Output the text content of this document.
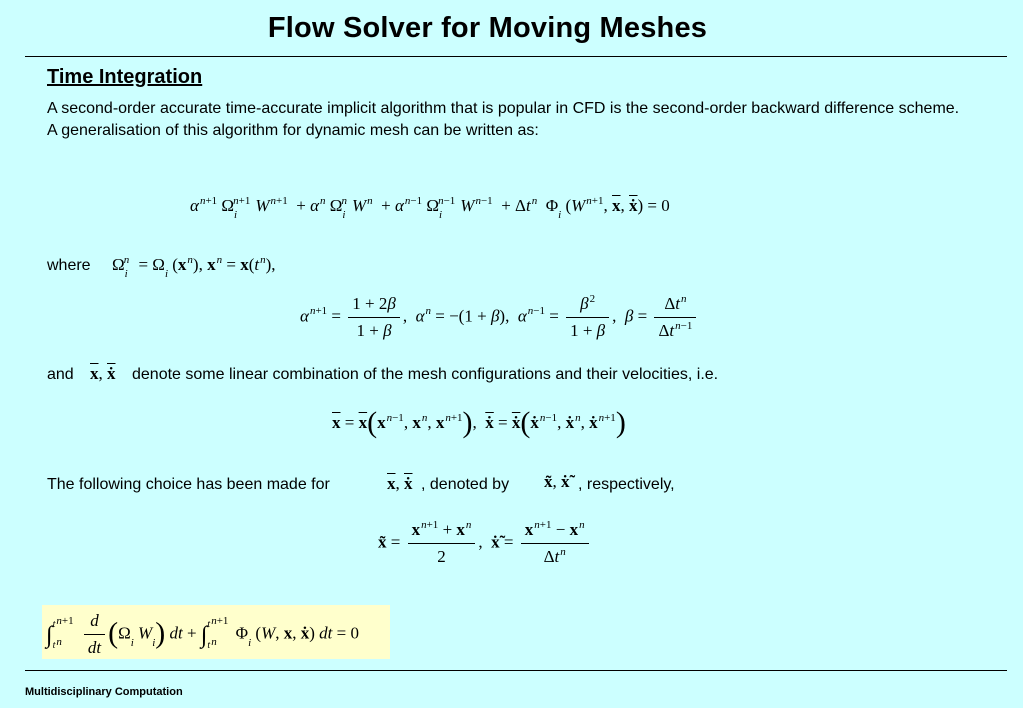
Flow Solver for Moving Meshes
Time Integration
A second-order accurate time-accurate implicit algorithm that is popular in CFD is the second-order backward difference scheme.
A generalisation of this algorithm for dynamic mesh can be written as:
$\alpha^{n+1}$ $\Omega_i^{n+1}$ $W^{n+1} + \alpha^n$ $\Omega_i^n$ $W^n + \alpha^{n-1}$ $\Omega_i^{n-1}$ $W^{n-1} + \Delta t^n$  $\Phi_i$ ($W^{n+1}$, $\overline{x}$, $\overline{ẋ}) = 0$
where $\Omega_i^n = \Omega_i$ $(x^n)$, $x^n = x(t^n)$,
$\alpha^{n+1} = \frac{1 + 2\beta}{1 + \beta}$ ,  $\alpha^n = -(1 + \beta)$,  $\alpha^{n-1} = \frac{\beta^2}{1 + \beta}$ ,  $\beta = \frac{\Delta t^n}{\Delta t^{n-1}}$
and $\overline{x}$, $\overline{ẋ}$ denote some linear combination of the mesh configurations and their velocities, i.e.
$\overline{x} = \overline{x}(x^{n-1}$, $x^n$, $x^{n+1}$),  $\overline{ẋ}$ = $\overline{ẋ}(ẋ^{n-1}$, ẋ$^n$, ẋ$^{n+1}$)
The following choice has been made for	$\overline{x}$, $\overline{ẋ}$ , denoted by x̃, ẋ̃ , respectively,
x̃ = $\frac{x^{n+1} + x^n}{2}$ ,  ẋ̃ = $\frac{x^{n+1} - x^n}{\Delta t^n}$
$\int t^{n+1}$
$t^n \frac{d}{dt} (\Omega_i$ $W_i$) dt + $\int t^{n+1}$
$t^n$ $\Phi_i$ (W, x, ẋ) dt = 0
Multidisciplinary Computation
